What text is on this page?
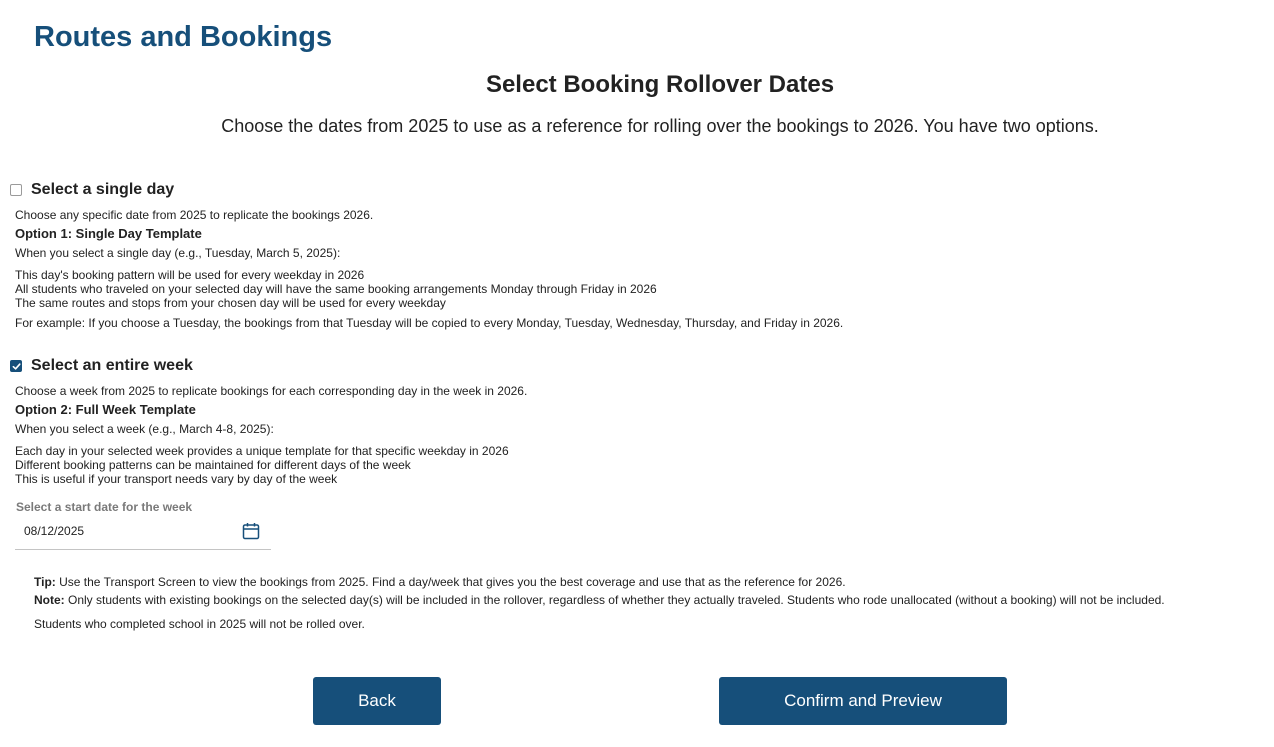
Routes and Bookings
Select Booking Rollover Dates

Choose the dates from 2025 to use as a reference for rolling over the bookings to 2026. You have two options.

Select a single day

Choose any specific date from 2025 to replicate the bookings 2026.

Option 1: Single Day Template

When you select a single day (e.g., Tuesday, March 5, 2025):

This day's booking pattern will be used for every weekday in 2026

All students who traveled on your selected day will have the same booking arrangements Monday through Friday in 2026

The same routes and stops from your chosen day will be used for every weekday

For example: If you choose a Tuesday, the bookings from that Tuesday will be copied to every Monday, Tuesday, Wednesday, Thursday, and Friday in 2026.

Select an entire week

Choose a week from 2025 to replicate bookings for each corresponding day in the week in 2026.

Option 2: Full Week Template

When you select a week (e.g., March 4-8, 2025):

Each day in your selected week provides a unique template for that specific weekday in 2026

Different booking patterns can be maintained for different days of the week

This is useful if your transport needs vary by day of the week

Select a start date for the week
08/12/2025

Tip: Use the Transport Screen to view the bookings from 2025. Find a day/week that gives you the best coverage and use that as the reference for 2026.

Note: Only students with existing bookings on the selected day(s) will be included in the rollover, regardless of whether they actually traveled. Students who rode unallocated (without a booking) will not be included.

Students who completed school in 2025 will not be rolled over.

Back	Confirm and Preview
